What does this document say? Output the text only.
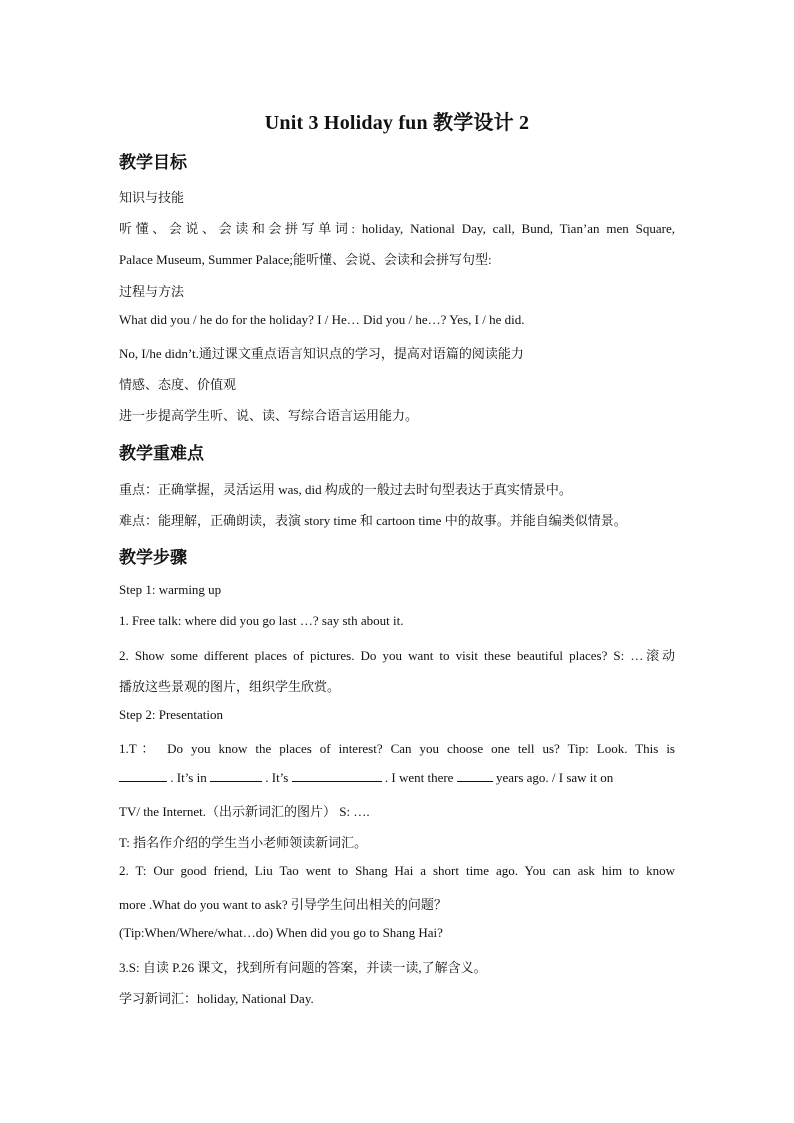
Unit 3 Holiday fun 教学设计 2
教学目标
知识与技能
听懂、会说、会读和会拼写单词: holiday, National Day, call, Bund, Tian’an men Square,
Palace Museum, Summer Palace;能听懂、会说、会读和会拼写句型:
过程与方法
What did you / he do for the holiday? I / He… Did you / he…? Yes, I / he did.
No, I/he didn’t.通过课文重点语言知识点的学习，提高对语篇的阅读能力
情感、态度、价值观
进一步提高学生听、说、读、写综合语言运用能力。
教学重难点
重点：正确掌握，灵活运用 was, did 构成的一般过去时句型表达于真实情景中。
难点：能理解，正确朗读，表演 story time 和 cartoon time 中的故事。并能自编类似情景。
教学步骤
Step 1: warming up
1. Free talk: where did you go last …? say sth about it.
2. Show some different places of pictures. Do you want to visit these beautiful places? S: …滚动
播放这些景观的图片，组织学生欣赏。
Step 2: Presentation
1.T： Do you know the places of interest? Can you choose one tell us? Tip: Look. This is
. It’s in	. It’s	. I went there	years ago. / I saw it on
TV/ the Internet.（出示新词汇的图片） S: ….
T: 指名作介绍的学生当小老师领读新词汇。
2. T: Our good friend, Liu Tao went to Shang Hai a short time ago. You can ask him to know
more .What do you want to ask? 引导学生问出相关的问题？
(Tip:When/Where/what…do) When did you go to Shang Hai?
3.S: 自读 P.26 课文，找到所有问题的答案，并读一读,了解含义。
学习新词汇：holiday, National Day.
